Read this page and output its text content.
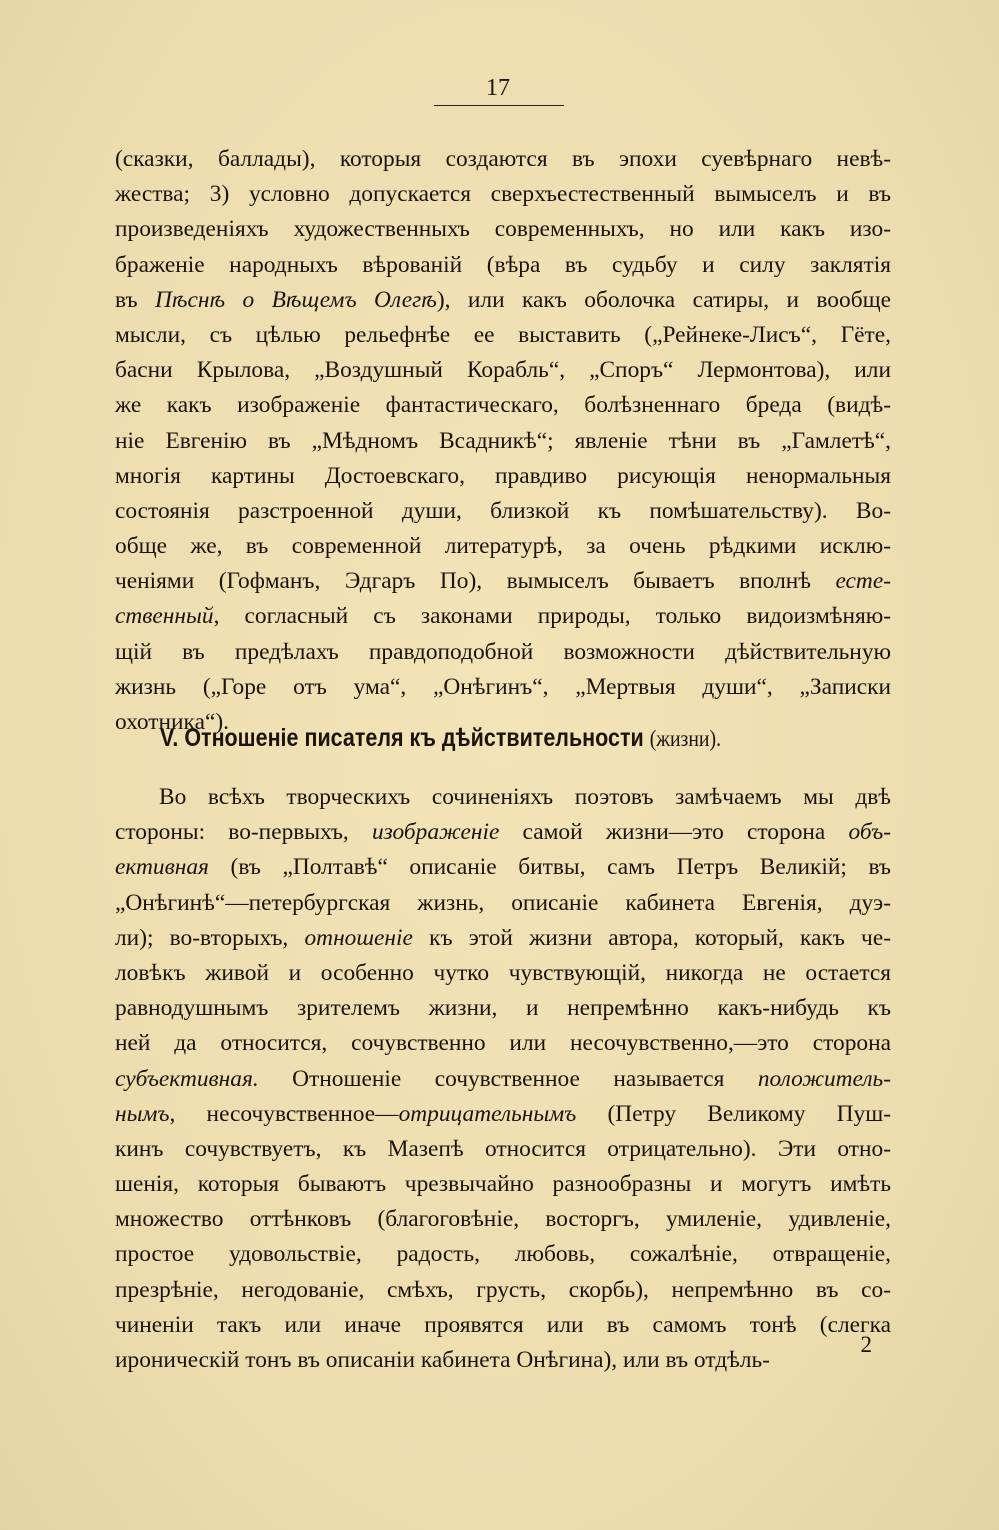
17
(сказки, баллады), которыя создаются въ эпохи суевѣрнаго невѣ-
жества; 3) условно допускается сверхъестественный вымыселъ и въ
произведеніяхъ художественныхъ современныхъ, но или какъ изо-
браженіе народныхъ вѣрованій (вѣра въ судьбу и силу заклятія
въ Пѣснѣ о Вѣщемъ Олегѣ), или какъ оболочка сатиры, и вообще
мысли, съ цѣлью рельефнѣе ее выставить („Рейнеке-Лисъ“, Гёте,
басни Крылова, „Воздушный Корабль“, „Споръ“ Лермонтова), или
же какъ изображеніе фантастическаго, болѣзненнаго бреда (видѣ-
ніе Евгенію въ „Мѣдномъ Всадникѣ“; явленіе тѣни въ „Гамлетѣ“,
многія картины Достоевскаго, правдиво рисующія ненормальныя
состоянія разстроенной души, близкой къ помѣшательству). Во-
обще же, въ современной литературѣ, за очень рѣдкими исклю-
ченіями (Гофманъ, Эдгаръ По), вымыселъ бываетъ вполнѣ есте-
ственный, согласный съ законами природы, только видоизмѣняю-
щій въ предѣлахъ правдоподобной возможности дѣйствительную
жизнь („Горе отъ ума“, „Онѣгинъ“, „Мертвыя души“, „Записки
охотника“).
V. Отношеніе писателя къ дѣйствительности (жизни).
Во всѣхъ творческихъ сочиненіяхъ поэтовъ замѣчаемъ мы двѣ
стороны: во-первыхъ, изображеніе самой жизни—это сторона объ-
ективная (въ „Полтавѣ“ описаніе битвы, самъ Петръ Великій; въ
„Онѣгинѣ“—петербургская жизнь, описаніе кабинета Евгенія, дуэ-
ли); во-вторыхъ, отношеніе къ этой жизни автора, который, какъ че-
ловѣкъ живой и особенно чутко чувствующій, никогда не остается
равнодушнымъ зрителемъ жизни, и непремѣнно какъ-нибудь къ
ней да относится, сочувственно или несочувственно,—это сторона
субъективная. Отношеніе сочувственное называется положитель-
нымъ, несочувственное—отрицательнымъ (Петру Великому Пуш-
кинъ сочувствуетъ, къ Мазепѣ относится отрицательно). Эти отно-
шенія, которыя бываютъ чрезвычайно разнообразны и могутъ имѣть
множество оттѣнковъ (благоговѣніе, восторгъ, умиленіе, удивленіе,
простое удовольствіе, радость, любовь, сожалѣніе, отвращеніе,
презрѣніе, негодованіе, смѣхъ, грусть, скорбь), непремѣнно въ со-
чиненіи такъ или иначе проявятся или въ самомъ тонѣ (слегка
ироническій тонъ въ описаніи кабинета Онѣгина), или въ отдѣль-
2
